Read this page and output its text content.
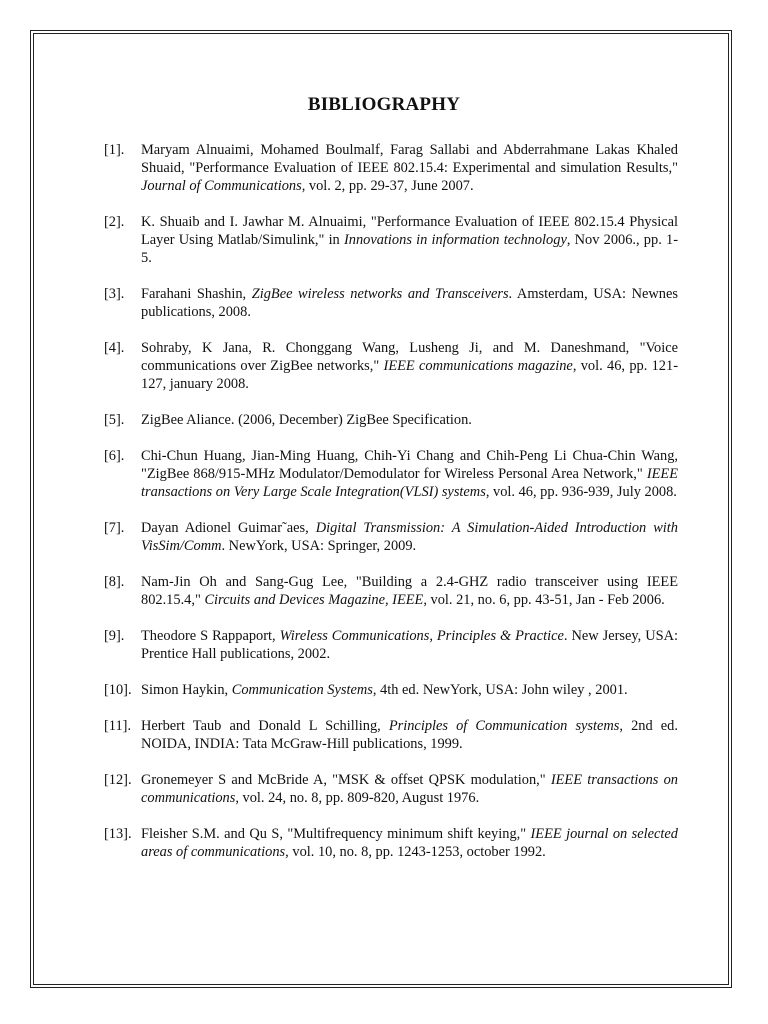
BIBLIOGRAPHY
[1].	Maryam Alnuaimi, Mohamed Boulmalf, Farag Sallabi and Abderrahmane Lakas Khaled Shuaid, "Performance Evaluation of IEEE 802.15.4: Experimental and simulation Results," Journal of Communications, vol. 2, pp. 29-37, June 2007.
[2].	K. Shuaib and I. Jawhar M. Alnuaimi, "Performance Evaluation of IEEE 802.15.4 Physical Layer Using Matlab/Simulink," in Innovations in information technology, Nov 2006., pp. 1-5.
[3].	Farahani Shashin, ZigBee wireless networks and Transceivers. Amsterdam, USA: Newnes publications, 2008.
[4].	Sohraby, K Jana, R. Chonggang Wang, Lusheng Ji, and M. Daneshmand, "Voice communications over ZigBee networks," IEEE communications magazine, vol. 46, pp. 121-127, january 2008.
[5].	ZigBee Aliance. (2006, December) ZigBee Specification.
[6].	Chi-Chun Huang, Jian-Ming Huang, Chih-Yi Chang and Chih-Peng Li Chua-Chin Wang, "ZigBee 868/915-MHz Modulator/Demodulator for Wireless Personal Area Network," IEEE transactions on Very Large Scale Integration(VLSI) systems, vol. 46, pp. 936-939, July 2008.
[7].	Dayan Adionel Guimar˜aes, Digital Transmission: A Simulation-Aided Introduction with VisSim/Comm. NewYork, USA: Springer, 2009.
[8].	Nam-Jin Oh and Sang-Gug Lee, "Building a 2.4-GHZ radio transceiver using IEEE 802.15.4," Circuits and Devices Magazine, IEEE, vol. 21, no. 6, pp. 43-51, Jan - Feb 2006.
[9].	Theodore S Rappaport, Wireless Communications, Principles & Practice. New Jersey, USA: Prentice Hall publications, 2002.
[10]. Simon Haykin, Communication Systems, 4th ed. NewYork, USA: John wiley , 2001.
[11]. Herbert Taub and Donald L Schilling, Principles of Communication systems, 2nd ed. NOIDA, INDIA: Tata McGraw-Hill publications, 1999.
[12]. Gronemeyer S and McBride A, "MSK & offset QPSK modulation," IEEE transactions on communications, vol. 24, no. 8, pp. 809-820, August 1976.
[13]. Fleisher S.M. and Qu S, "Multifrequency minimum shift keying," IEEE journal on selected areas of communications, vol. 10, no. 8, pp. 1243-1253, october 1992.
